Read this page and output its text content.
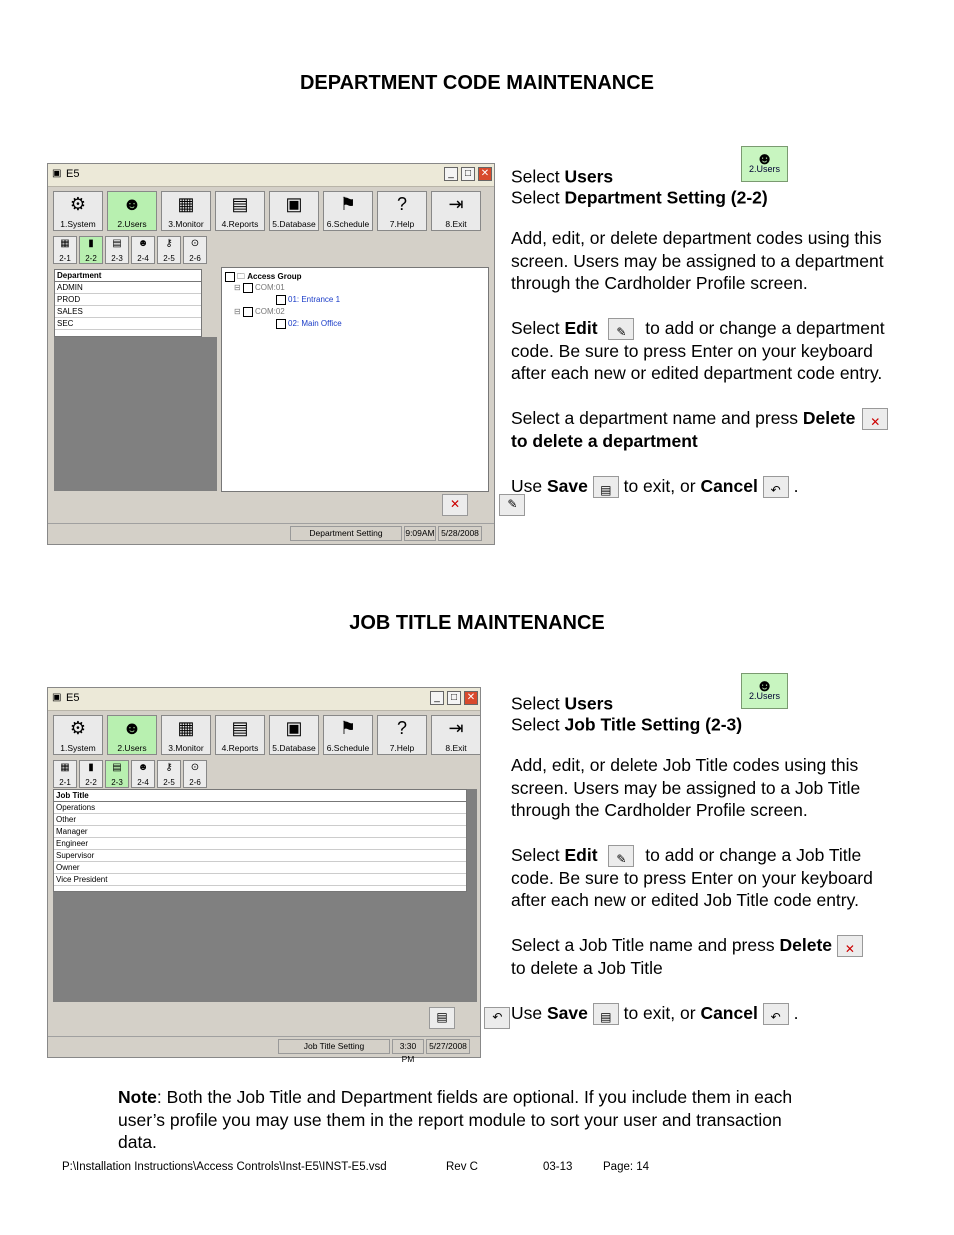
DEPARTMENT CODE MAINTENANCE
▣ E5	_	□ ✕
⚙
1.System
☻
2.Users
▦
3.Monitor
▤
4.Reports
▣
5.Database
⚑
6.Schedule
?
7.Help
⇥
8.Exit
▦
2-1
▮
2-2
▤
2-3
☻
2-4
⚷
2-5
⊙
2-6
Department
ADMIN
PROD
SALES
SEC
🗀 Access Group
⊟ COM:01
01: Entrance 1
⊟ COM:02
02: Main Office
✕
	✎
Department Setting	9:09AM 5/28/2008
Select Users
☻
2.Users
Select Department Setting (2-2)
Add, edit, or delete department codes using this screen. Users may be assigned to a department through the Cardholder Profile screen.
Select Edit	✎ to add or change a department code. Be sure to press Enter on your keyboard after each new or edited department code entry.
Select a department name and press Delete	✕
to delete a department
Use Save	▤ to exit, or Cancel	↶ .
JOB TITLE MAINTENANCE
▣ E5	_	□ ✕
⚙
1.System
☻
2.Users
▦
3.Monitor
▤
4.Reports
▣
5.Database
⚑
6.Schedule
?
7.Help
⇥
8.Exit
▦
2-1
▮
2-2
▤
2-3
☻
2-4
⚷
2-5
⊙
2-6
Job Title
Operations
Other
Manager
Engineer
Supervisor
Owner
Vice President
▤
	↶
Job Title Setting	3:30 PM
5/27/2008
Select Users
☻
2.Users
Select Job Title Setting (2-3)
Add, edit, or delete Job Title codes using this screen. Users may be assigned to a Job Title through the Cardholder Profile screen.
Select Edit	✎ to add or change a Job Title code. Be sure to press Enter on your keyboard after each new or edited Job Title code entry.
Select a Job Title name and press Delete	✕

to delete a Job Title
Use Save	▤ to exit, or Cancel	↶ .
Note: Both the Job Title and Department fields are optional. If you include them in each user’s profile you may use them in the report module to sort your user and transaction data.
P:\Installation Instructions\Access Controls\Inst-E5\INST-E5.vsd	Rev C	03-13	Page: 14
